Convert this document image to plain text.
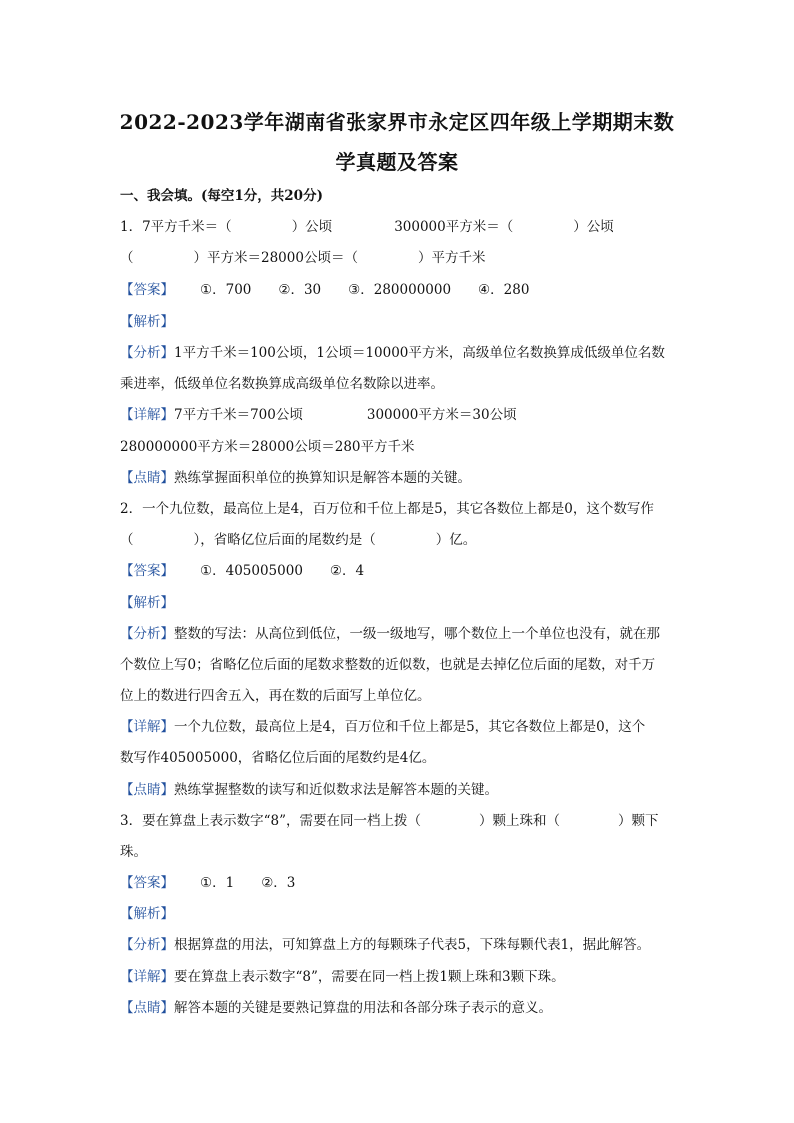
2022-2023学年湖南省张家界市永定区四年级上学期期末数
学真题及答案
一、我会填。(每空1分，共20分)
1．7平方千米＝（	）公顷	300000平方米＝（	）公顷
（	）平方米＝28000公顷＝（	）平方千米
【答案】 ①．700　　②．30　　③．280000000　　④．280
【解析】
【分析】1平方千米＝100公顷，1公顷＝10000平方米，高级单位名数换算成低级单位名数
乘进率，低级单位名数换算成高级单位名数除以进率。
【详解】7平方千米＝700公顷	300000平方米＝30公顷
280000000平方米＝28000公顷＝280平方千米
【点睛】熟练掌握面积单位的换算知识是解答本题的关键。
2．一个九位数，最高位上是4，百万位和千位上都是5，其它各数位上都是0，这个数写作
（	），省略亿位后面的尾数约是（	）亿。
【答案】 ①．405005000　　②．4
【解析】
【分析】整数的写法：从高位到低位，一级一级地写，哪个数位上一个单位也没有，就在那
个数位上写0；省略亿位后面的尾数求整数的近似数，也就是去掉亿位后面的尾数，对千万
位上的数进行四舍五入，再在数的后面写上单位亿。
【详解】一个九位数，最高位上是4，百万位和千位上都是5，其它各数位上都是0，这个
数写作405005000，省略亿位后面的尾数约是4亿。
【点睛】熟练掌握整数的读写和近似数求法是解答本题的关键。
3．要在算盘上表示数字“8”，需要在同一档上拨（	）颗上珠和（	）颗下
珠。
【答案】 ①．1　　②．3
【解析】
【分析】根据算盘的用法，可知算盘上方的每颗珠子代表5，下珠每颗代表1，据此解答。
【详解】要在算盘上表示数字“8”，需要在同一档上拨1颗上珠和3颗下珠。
【点睛】解答本题的关键是要熟记算盘的用法和各部分珠子表示的意义。
